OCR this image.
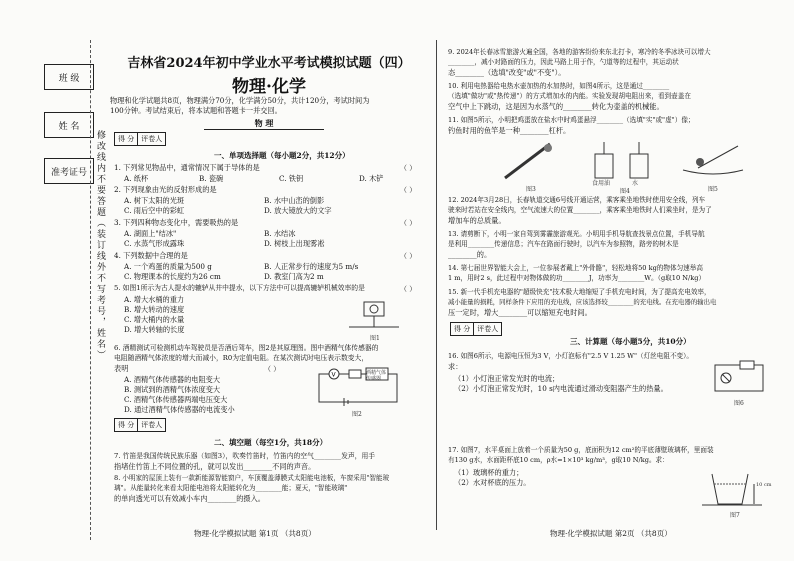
班 级
姓 名
准考证号 修改线内不要答题（装订线外不写考号，姓名）
吉林省2024年初中学业水平考试模拟试题（四）
物理·化学
物理和化学试题共8页，物理满分70分，化学满分50分，共计120分，考试时间为
100分钟。考试结束后，将本试题和答题卡一并交回。
物 理
得 分	评卷人
一、单项选择题（每小题2分，共12分）
1. 下列常见物品中，通常情况下属于导体的是	（ ）
A. 纸杯	B. 瓷碗	C. 铁钥	D. 木铲
2. 下列现象由光的反射形成的是	（ ）
A. 树下太阳的光斑	B. 水中山峦的倒影
C. 雨后空中的彩虹	D. 放大镜放大的文字
3. 下列四种物态变化中，需要吸热的是	（ ）
A. 湖面上"结冰"	B. 水结冰
C. 水蒸气形成露珠	D. 树枝上出现雾凇
4. 下列数据中合理的是	（ ）
A. 一个鸡蛋的质量为500 g	B. 人正常步行的速度为5 m/s
C. 物理课本的长度约为26 cm	D. 教室门高为2 m
5. 如图1所示为古人提水的辘轳从井中提水，以下方法中可以提高辘轳机械效率的是	（ ）
A. 增大水桶的重力
B. 增大转动的速度
C. 增大桶内的水量
D. 增大转轴的长度
图1
6. 酒精测试可检测机动车驾驶员是否酒后驾车，图2是其原理图。图中酒精气体传感器的
电阻随酒精气体浓度的增大而减小，R0为定值电阻。在某次测试时电压表示数变大，
表明	（ ）
A. 酒精气体传感器的电阻变大
B. 测试到的酒精气体浓度变大
C. 酒精气体传感器两端电压变大
D. 通过酒精气体传感器的电流变小
V	酒精气体传感器
图2
得 分	评卷人
二、填空题（每空1分，共18分）
7. 竹笛是我国传统民族乐器（如图3），吹奏竹笛时，竹笛内的空气________发声，用手
指堵住竹笛上不同位置的孔，就可以发出________不同的声音。
8. 小明家的屋顶上装有一款新能源智能窗户，车顶覆盖薄膜式太阳能电池板，车窗采用"智能玻
璃"。从能量转化来看太阳能电池将太阳能转化为________能；夏天，"智能玻璃"
的单向透光可以有效减小车内________的摄入。
物理·化学模拟试题 第1页 （共8页）
9. 2024年长春冰雪旅游火遍全国，各地的游客纷纷来东北打卡，寒冷的冬季冰块可以增大
________，减小对路面的压力，因此马路上用于作，勺道等的过程中，其运动状
态________（选填"改变"或"不变"）。
10. 利用电热器给电热水壶加热的水加热时，如图4所示，这是通过________
（选填"做功"或"热传递"）的方式增加水的内能。实验发现胡电阻出来，看到壶盖在
空气中上下跳动，这是因为水蒸气的________转化为壶盖的机械能。
11. 如图5所示，小明把鸡蛋放在盐水中时鸡蛋悬浮________（选填"实"或"虚"）像；
钓鱼时用的鱼竿是一种________杠杆。
图3
食用油	水
图4	图5
12. 2024年3月28日，长春轨道交通6号线开通运营，乘客乘坐地铁时使用安全线，列车
驶来时若站在安全线内，空气流速大的位置________，乘客乘坐地铁时人们乘坐时，是为了
增加车的总质量。
13. 请剪断下，小明一家自驾到雾霾旅游观光。小明用手机导航查找景点位置，手机导航
是利用________传递信息；汽车在路面行驶时，以汽车为参照物，路旁的树木是
________的。
14. 第七届世界智能大会上，一位参展者戴上"外骨骼"，轻松地将50 kg的物体匀速举高
1 m，用时2 s，此过程中对物体做的功________J，功率为________W。（g取10 N/kg）
15. 新一代手机充电器的"超级快充"技术极大地缩短了手机充电时间，为了提高充电效率，
减小能量的损耗，同样条件下应用的充电线，应该选择较________的充电线。在充电器的输出电
压一定时，增大________可以缩短充电时间。
得 分	评卷人
三、计算题（每小题5分，共10分）
16. 如图6所示，电源电压恒为3 V，小灯泡标有"2.5 V 1.25 W"（灯丝电阻不变）。
求：
（1）小灯泡正常发光时的电流；
（2）小灯泡正常发光时，10 s内电流通过滑动变阻器产生的热量。
图6
17. 如图7，水平桌面上放着一个质量为50 g，底面积为12 cm²的平底薄壁玻璃杯，里面装
有130 g水，水面距杯底10 cm，ρ水=1×10³ kg/m³，g取10 N/kg。求：
（1）玻璃杯的重力；
（2）水对杯底的压力。	10 cm
图7
物理·化学模拟试题 第2页 （共8页）
